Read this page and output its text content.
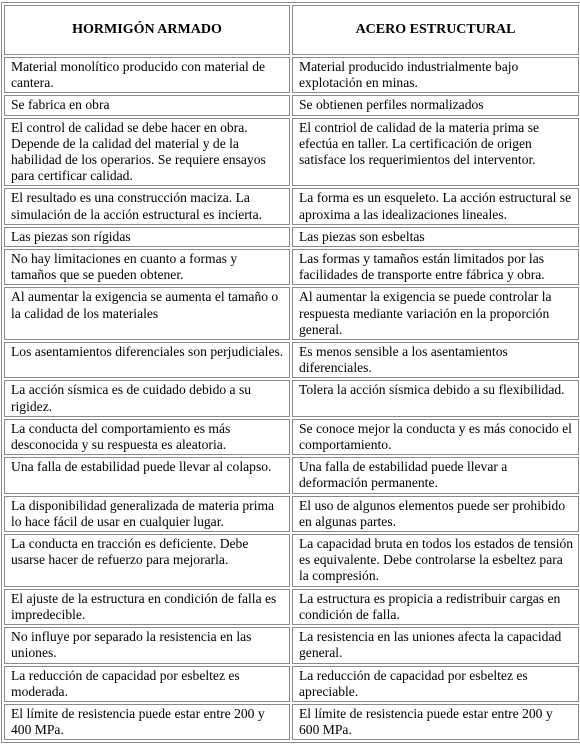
HORMIGÓN ARMADO	ACERO ESTRUCTURAL
Material monolítico producido con material de cantera.	Material producido industrialmente bajo explotación en minas.
Se fabrica en obra	Se obtienen perfiles normalizados
El control de calidad se debe hacer en obra. Depende de la calidad del material y de la habilidad de los operarios. Se requiere ensayos para certificar calidad.	El contriol de calidad de la materia prima se efectúa en taller. La certificación de origen satisface los requerimientos del interventor.
El resultado es una construcción maciza. La simulación de la acción estructural es incierta.	La forma es un esqueleto. La acción estructural se aproxima a las idealizaciones lineales.
Las piezas son rígidas	Las piezas son esbeltas
No hay limitaciones en cuanto a formas y tamaños que se pueden obtener.	Las formas y tamaños están limitados por las facilidades de transporte entre fábrica y obra.
Al aumentar la exigencia se aumenta el tamaño o la calidad de los materiales	Al aumentar la exigencia se puede controlar la respuesta mediante variación en la proporción general.
Los asentamientos diferenciales son perjudiciales.	Es menos sensible a los asentamientos diferenciales.
La acción sísmica es de cuidado debido a su rigidez.	Tolera la acción sísmica debido a su flexibilidad.
La conducta del comportamiento es más desconocida y su respuesta es aleatoria.	Se conoce mejor la conducta y es más conocido el comportamiento.
Una falla de estabilidad puede llevar al colapso.	Una falla de estabilidad puede llevar a deformación permanente.
La disponibilidad generalizada de materia prima lo hace fácil de usar en cualquier lugar.	El uso de algunos elementos puede ser prohibido en algunas partes.
La conducta en tracción es deficiente. Debe usarse hacer de refuerzo para mejorarla.	La capacidad bruta en todos los estados de tensión es equivalente. Debe controlarse la esbeltez para la compresión.
El ajuste de la estructura en condición de falla es impredecible.	La estructura es propicia a redistribuir cargas en condición de falla.
No influye por separado la resistencia en las uniones.	La resistencia en las uniones afecta la capacidad general.
La reducción de capacidad por esbeltez es moderada.	La reducción de capacidad por esbeltez es apreciable.
El límite de resistencia puede estar entre 200 y 400 MPa.	El límite de resistencia puede estar entre 200 y 600 MPa.
